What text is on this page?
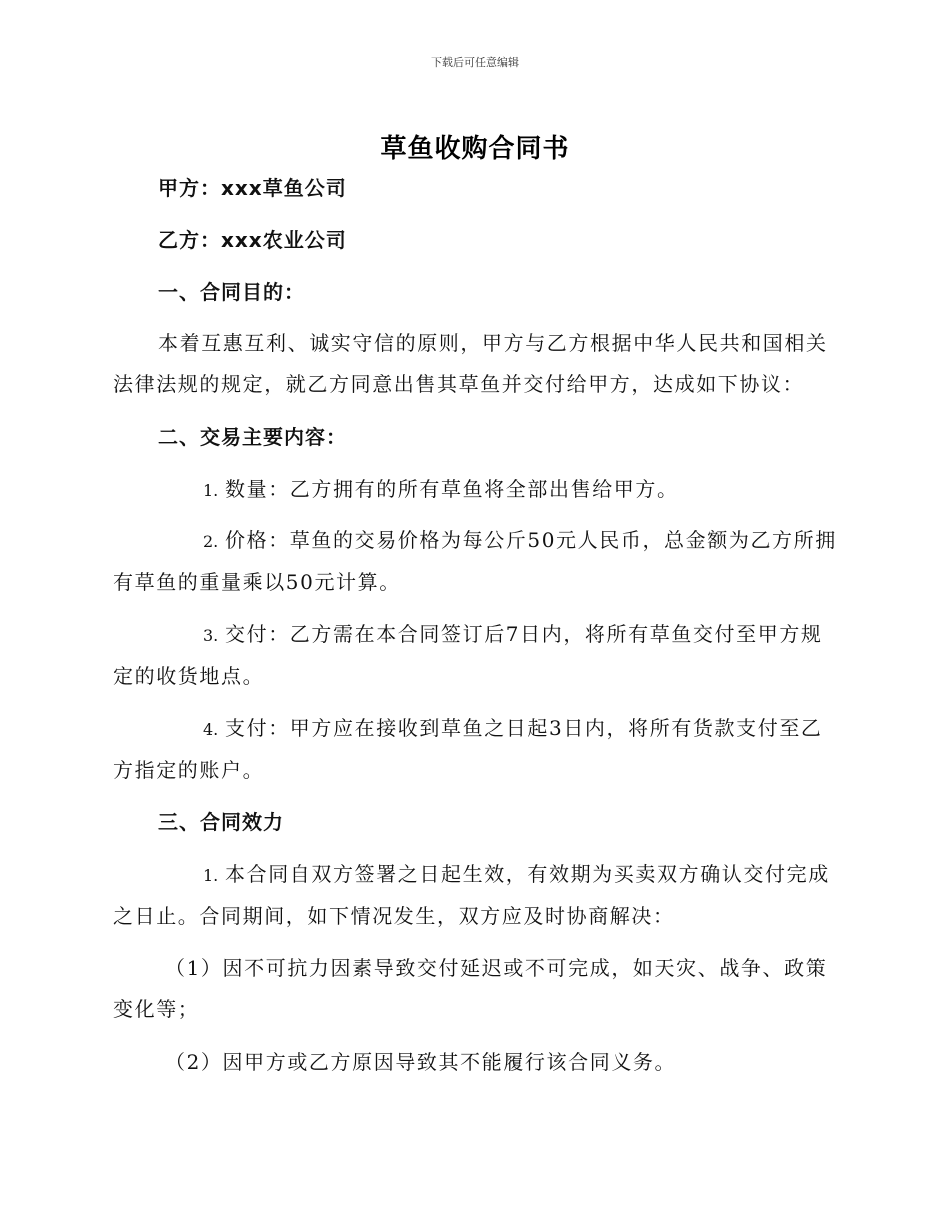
下载后可任意编辑
草鱼收购合同书
甲方：xxx草鱼公司
乙方：xxx农业公司
一、合同目的：
本着互惠互利、诚实守信的原则，甲方与乙方根据中华人民共和国相关法律法规的规定，就乙方同意出售其草鱼并交付给甲方，达成如下协议：
二、交易主要内容：
1. 数量：乙方拥有的所有草鱼将全部出售给甲方。
2. 价格：草鱼的交易价格为每公斤50元人民币，总金额为乙方所拥有草鱼的重量乘以50元计算。
3. 交付：乙方需在本合同签订后7日内，将所有草鱼交付至甲方规定的收货地点。
4. 支付：甲方应在接收到草鱼之日起3日内，将所有货款支付至乙方指定的账户。
三、合同效力
1. 本合同自双方签署之日起生效，有效期为买卖双方确认交付完成之日止。合同期间，如下情况发生，双方应及时协商解决：
（1）因不可抗力因素导致交付延迟或不可完成，如天灾、战争、政策变化等；
（2）因甲方或乙方原因导致其不能履行该合同义务。
